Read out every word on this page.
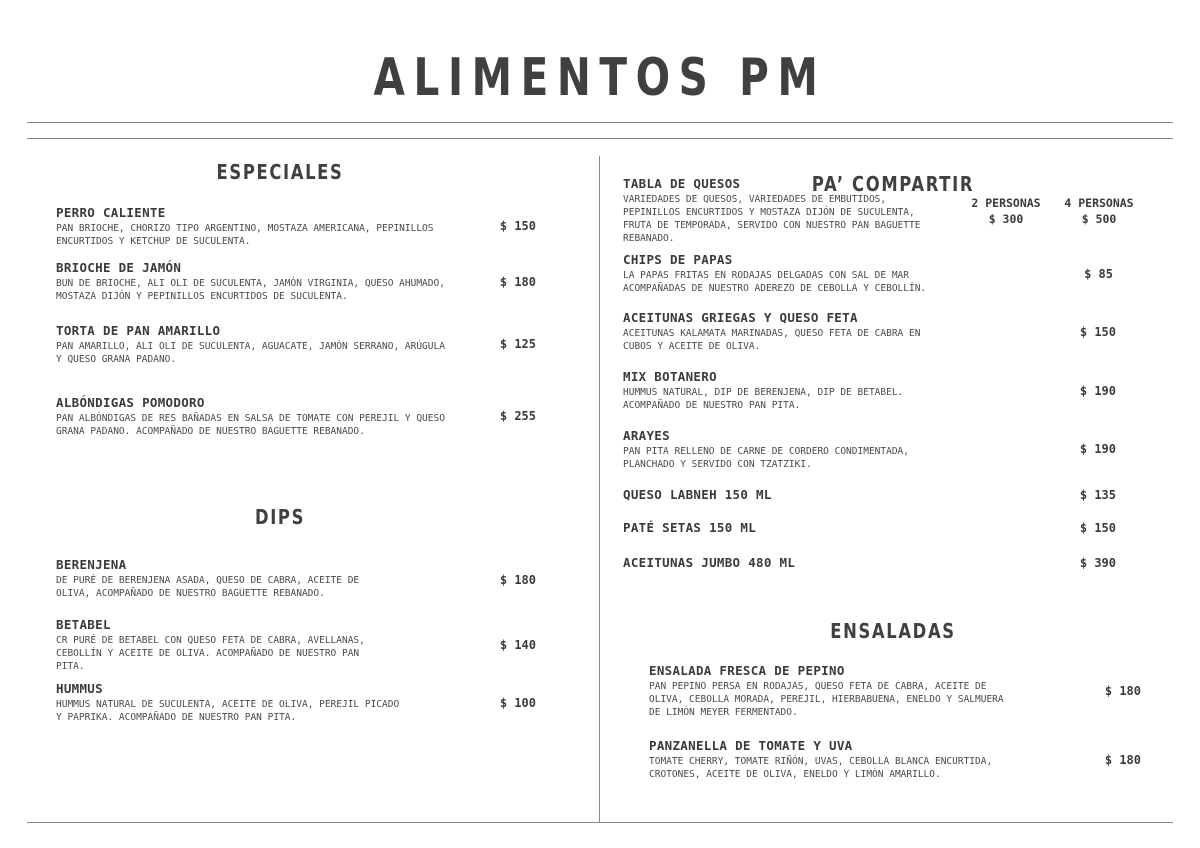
ALIMENTOS PM
ESPECIALES
PERRO CALIENTE
PAN BRIOCHE, CHORIZO TIPO ARGENTINO, MOSTAZA AMERICANA, PEPINILLOS ENCURTIDOS Y KETCHUP DE SUCULENTA.
$ 150
BRIOCHE DE JAMÓN
BUN DE BRIOCHE, ALI OLI DE SUCULENTA, JAMÓN VIRGINIA, QUESO AHUMADO, MOSTAZA DIJÓN Y PEPINILLOS ENCURTIDOS DE SUCULENTA.
$ 180
TORTA DE PAN AMARILLO
PAN AMARILLO, ALI OLI DE SUCULENTA, AGUACATE, JAMÓN SERRANO, ARÚGULA Y QUESO GRANA PADANO.
$ 125
ALBÓNDIGAS POMODORO
PAN ALBÓNDIGAS DE RES BAÑADAS EN SALSA DE TOMATE CON PEREJIL Y QUESO GRANA PADANO. ACOMPAÑADO DE NUESTRO BAGUETTE REBANADO.
$ 255
DIPS
BERENJENA
DE PURÉ DE BERENJENA ASADA, QUESO DE CABRA, ACEITE DE OLIVA, ACOMPAÑADO DE NUESTRO BAGUETTE REBANADO.
$ 180
BETABEL
CR PURÉ DE BETABEL CON QUESO FETA DE CABRA, AVELLANAS, CEBOLLÍN Y ACEITE DE OLIVA. ACOMPAÑADO DE NUESTRO PAN PITA.
$ 140
HUMMUS
HUMMUS NATURAL DE SUCULENTA, ACEITE DE OLIVA, PEREJIL PICADO Y PAPRIKA. ACOMPAÑADO DE NUESTRO PAN PITA.
$ 100
PA’ COMPARTIR
2 PERSONAS
$ 300
4 PERSONAS
$ 500
TABLA DE QUESOS
VARIEDADES DE QUESOS, VARIEDADES DE EMBUTIDOS, PEPINILLOS ENCURTIDOS Y MOSTAZA DIJÓN DE SUCULENTA, FRUTA DE TEMPORADA, SERVIDO CON NUESTRO PAN BAGUETTE REBANADO.
CHIPS DE PAPAS
LA PAPAS FRITAS EN RODAJAS DELGADAS CON SAL DE MAR ACOMPAÑADAS DE NUESTRO ADEREZO DE CEBOLLA Y CEBOLLÍN.
$ 85
ACEITUNAS GRIEGAS Y QUESO FETA
ACEITUNAS KALAMATA MARINADAS, QUESO FETA DE CABRA EN CUBOS Y ACEITE DE OLIVA.
$ 150
MIX BOTANERO
HUMMUS NATURAL, DIP DE BERENJENA, DIP DE BETABEL. ACOMPAÑADO DE NUESTRO PAN PITA.
$ 190
ARAYES
PAN PITA RELLENO DE CARNE DE CORDERO CONDIMENTADA, PLANCHADO Y SERVIDO CON TZATZIKI.
$ 190
QUESO LABNEH 150 ML	$ 135
PATÉ SETAS 150 ML	$ 150
ACEITUNAS JUMBO 480 ML	$ 390
ENSALADAS
ENSALADA FRESCA DE PEPINO
PAN PEPINO PERSA EN RODAJAS, QUESO FETA DE CABRA, ACEITE DE OLIVA, CEBOLLA MORADA, PEREJIL, HIERBABUENA, ENELDO Y SALMUERA DE LIMÓN MEYER FERMENTADO.
$ 180
PANZANELLA DE TOMATE Y UVA
TOMATE CHERRY, TOMATE RIÑÓN, UVAS, CEBOLLA BLANCA ENCURTIDA, CROTONES, ACEITE DE OLIVA, ENELDO Y LIMÓN AMARILLO.
$ 180
